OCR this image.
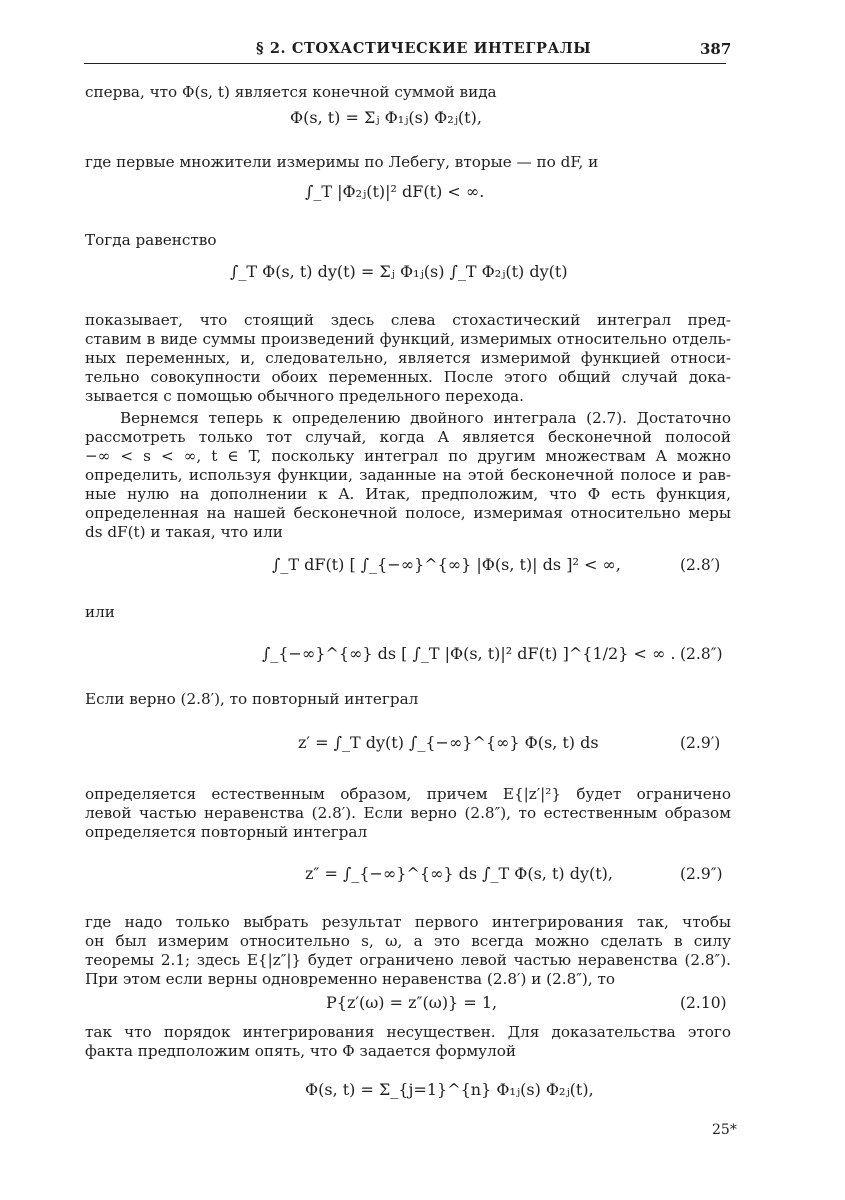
§ 2. СТОХАСТИЧЕСКИЕ ИНТЕГРАЛЫ	387

сперва, что Φ(s, t) является конечной суммой вида

Φ(s, t) = Σⱼ Φ₁ⱼ(s) Φ₂ⱼ(t),

где первые множители измеримы по Лебегу, вторые — по dF, и

∫_T |Φ₂ⱼ(t)|² dF(t) < ∞.

Тогда равенство

∫_T Φ(s, t) dy(t) = Σⱼ Φ₁ⱼ(s) ∫_T Φ₂ⱼ(t) dy(t)

показывает, что стоящий здесь слева стохастический интеграл пред-
ставим в виде суммы произведений функций, измеримых относительно отдель-
ных переменных, и, следовательно, является измеримой функцией относи-
тельно совокупности обоих переменных. После этого общий случай дока-
зывается с помощью обычного предельного перехода.

Вернемся теперь к определению двойного интеграла (2.7). Достаточно
рассмотреть только тот случай, когда A является бесконечной полосой
−∞ < s < ∞, t ∈ T, поскольку интеграл по другим множествам A можно
определить, используя функции, заданные на этой бесконечной полосе и рав-
ные нулю на дополнении к A. Итак, предположим, что Φ есть функция,
определенная на нашей бесконечной полосе, измеримая относительно меры
ds dF(t) и такая, что или

∫_T dF(t) [ ∫_{−∞}^{∞} |Φ(s, t)| ds ]² < ∞,	(2.8′)

или

∫_{−∞}^{∞} ds [ ∫_T |Φ(s, t)|² dF(t) ]^{1/2} < ∞ . (2.8″)

Если верно (2.8′), то повторный интеграл

z′ = ∫_T dy(t) ∫_{−∞}^{∞} Φ(s, t) ds	(2.9′)

определяется естественным образом, причем E{|z′|²} будет ограничено
левой частью неравенства (2.8′). Если верно (2.8″), то естественным образом
определяется повторный интеграл

z″ = ∫_{−∞}^{∞} ds ∫_T Φ(s, t) dy(t),	(2.9″)

где надо только выбрать результат первого интегрирования так, чтобы
он был измерим относительно s, ω, а это всегда можно сделать в силу
теоремы 2.1; здесь E{|z″|} будет ограничено левой частью неравенства (2.8″).
При этом если верны одновременно неравенства (2.8′) и (2.8″), то

P{z′(ω) = z″(ω)} = 1,	(2.10)

так что порядок интегрирования несуществен. Для доказательства этого
факта предположим опять, что Φ задается формулой

Φ(s, t) = Σ_{j=1}^{n} Φ₁ⱼ(s) Φ₂ⱼ(t),
25*
